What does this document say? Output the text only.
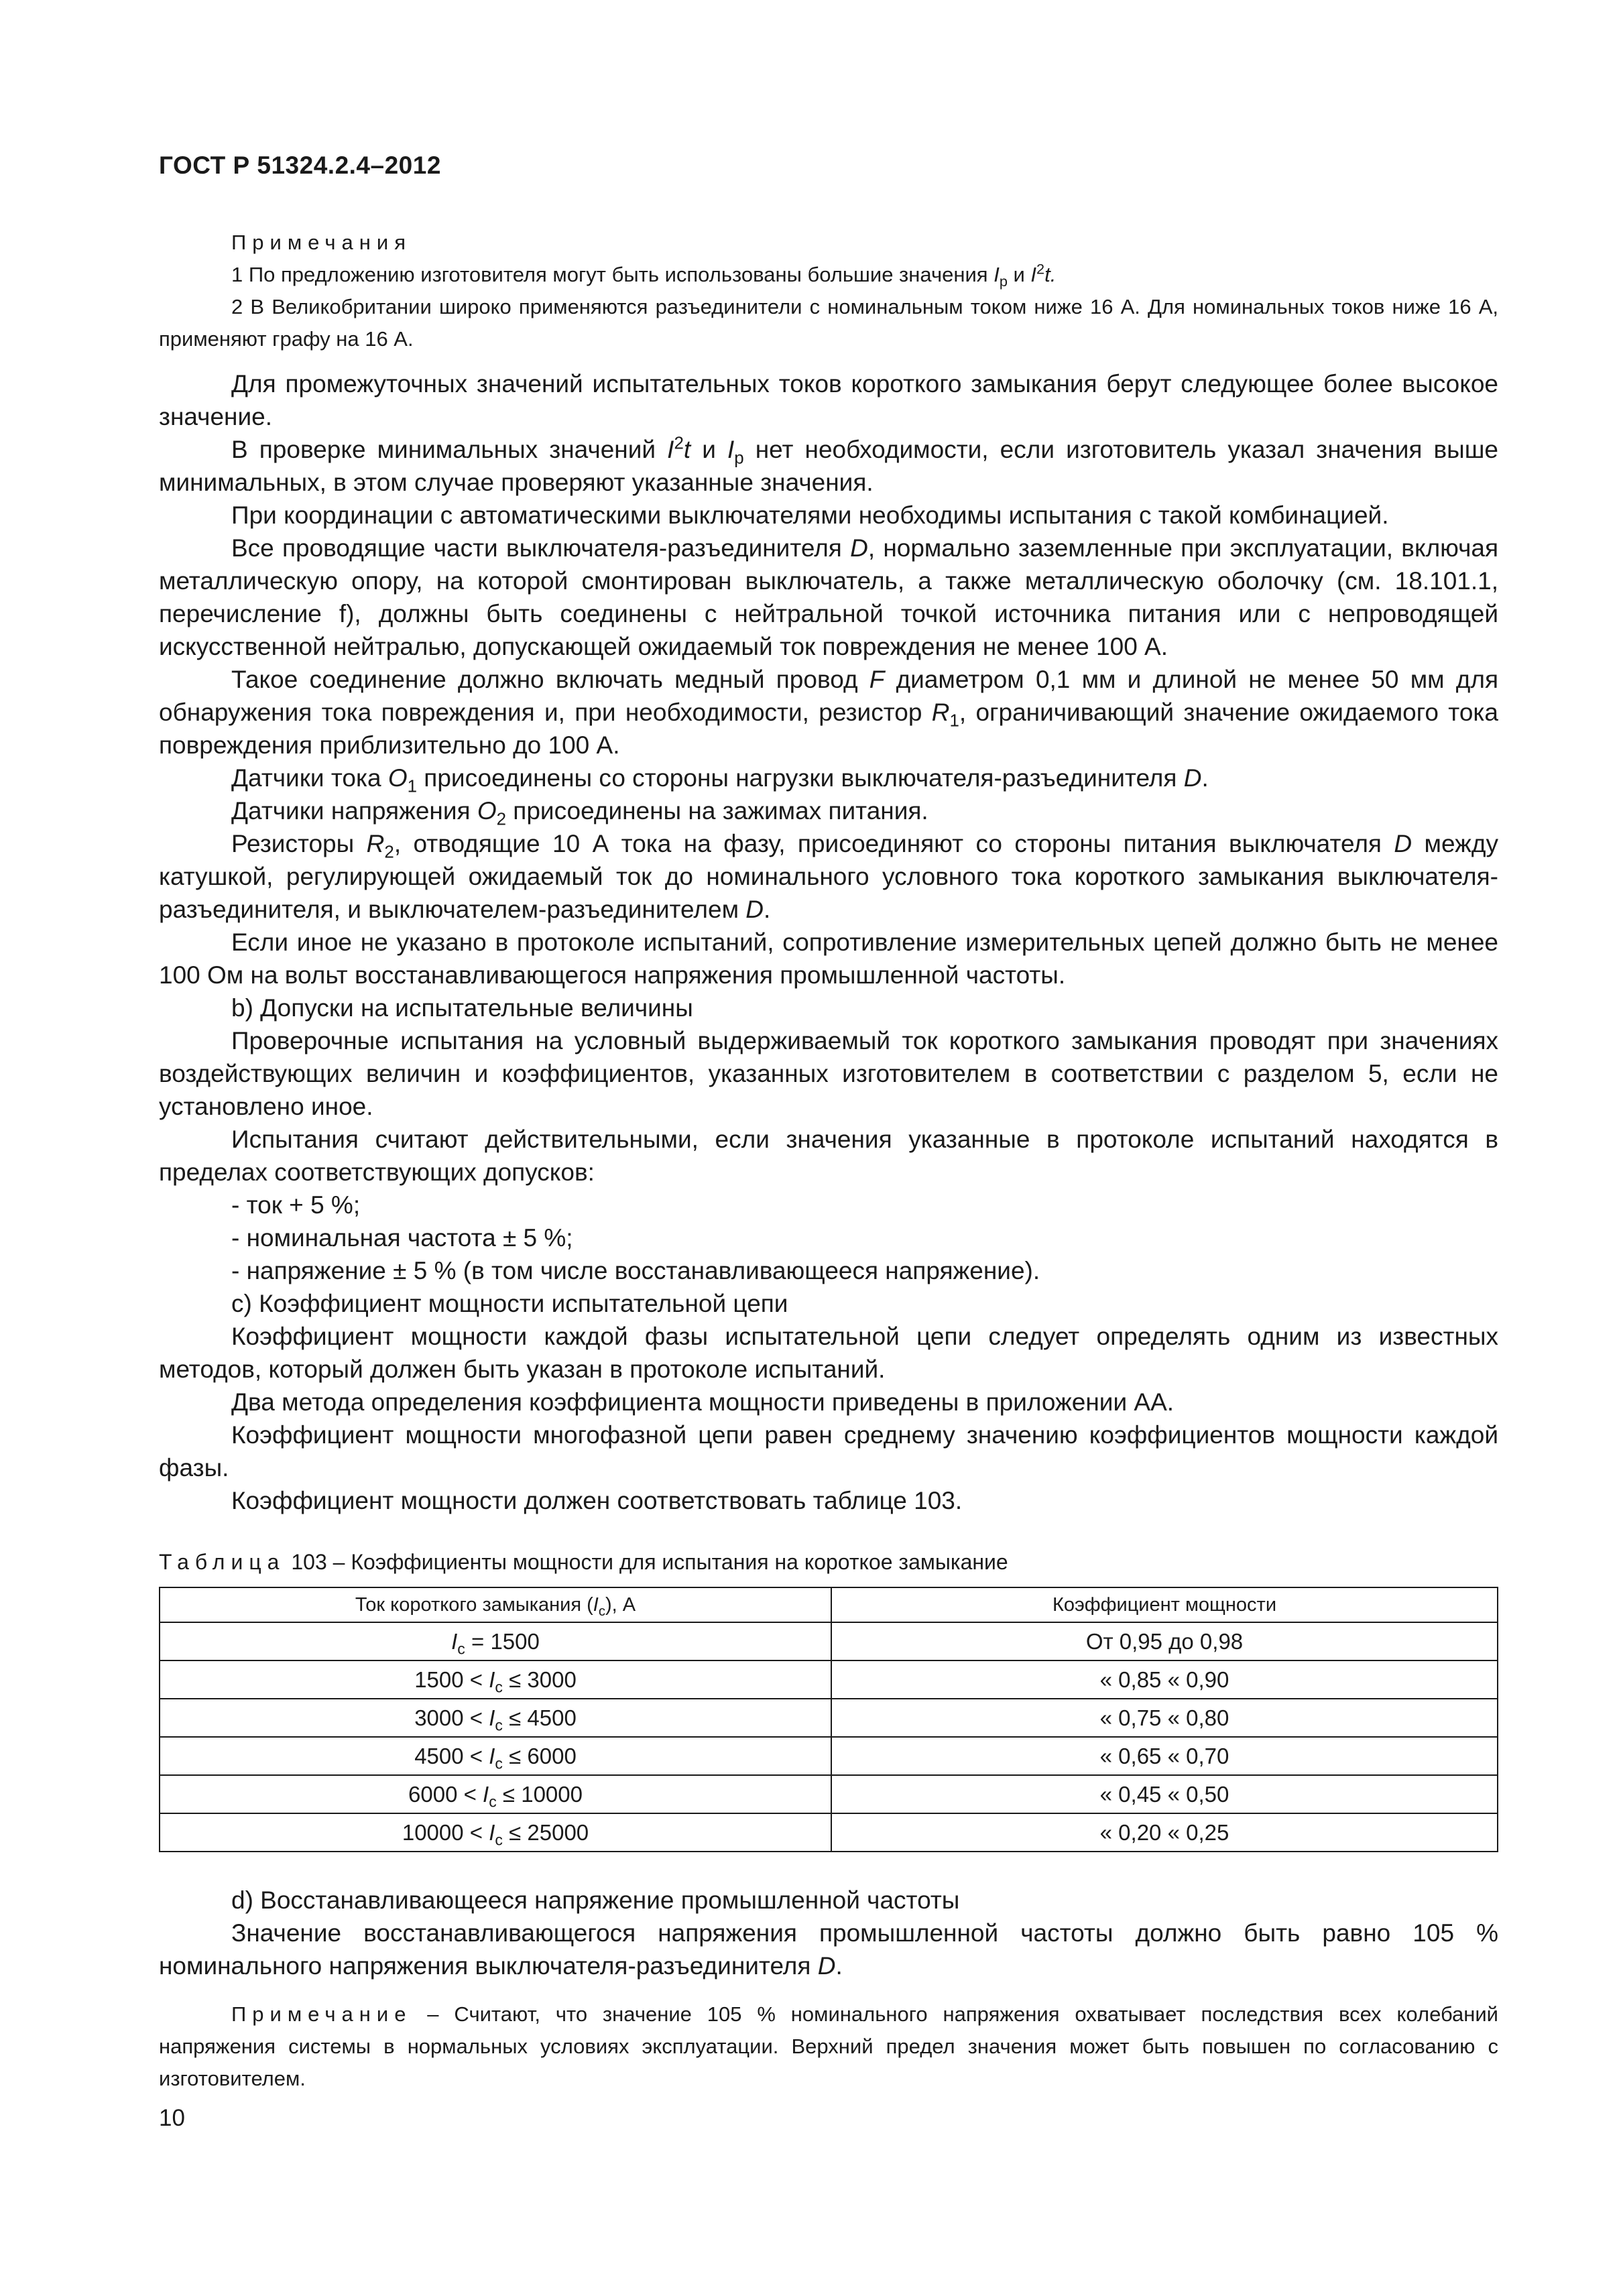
ГОСТ Р 51324.2.4–2012

Примечания

1 По предложению изготовителя могут быть использованы большие значения $I_p$ и $I^2t$.

2 В Великобритании широко применяются разъединители с номинальным током ниже 16 А. Для номинальных токов ниже 16 А, применяют графу на 16 А.

Для промежуточных значений испытательных токов короткого замыкания берут следующее более высокое значение.

В проверке минимальных значений $I^2t$ и $I_p$ нет необходимости, если изготовитель указал значения выше минимальных, в этом случае проверяют указанные значения.

При координации с автоматическими выключателями необходимы испытания с такой комбинацией.

Все проводящие части выключателя-разъединителя D, нормально заземленные при эксплуатации, включая металлическую опору, на которой смонтирован выключатель, а также металлическую оболочку (см. 18.101.1, перечисление f), должны быть соединены с нейтральной точкой источника питания или с непроводящей искусственной нейтралью, допускающей ожидаемый ток повреждения не менее 100 А.

Такое соединение должно включать медный провод F диаметром 0,1 мм и длиной не менее 50 мм для обнаружения тока повреждения и, при необходимости, резистор $R_1$, ограничивающий значение ожидаемого тока повреждения приблизительно до 100 А.

Датчики тока $O_1$ присоединены со стороны нагрузки выключателя-разъединителя D.

Датчики напряжения $O_2$ присоединены на зажимах питания.

Резисторы $R_2$, отводящие 10 А тока на фазу, присоединяют со стороны питания выключателя D между катушкой, регулирующей ожидаемый ток до номинального условного тока короткого замыкания выключателя-разъединителя, и выключателем-разъединителем D.

Если иное не указано в протоколе испытаний, сопротивление измерительных цепей должно быть не менее 100 Ом на вольт восстанавливающегося напряжения промышленной частоты.

b) Допуски на испытательные величины

Проверочные испытания на условный выдерживаемый ток короткого замыкания проводят при значениях воздействующих величин и коэффициентов, указанных изготовителем в соответствии с разделом 5, если не установлено иное.

Испытания считают действительными, если значения указанные в протоколе испытаний находятся в пределах соответствующих допусков:

- ток + 5 %;

- номинальная частота ± 5 %;

- напряжение ± 5 % (в том числе восстанавливающееся напряжение).

c) Коэффициент мощности испытательной цепи

Коэффициент мощности каждой фазы испытательной цепи следует определять одним из известных методов, который должен быть указан в протоколе испытаний.

Два метода определения коэффициента мощности приведены в приложении АА.

Коэффициент мощности многофазной цепи равен среднему значению коэффициентов мощности каждой фазы.

Коэффициент мощности должен соответствовать таблице 103.

Таблица 103 – Коэффициенты мощности для испытания на короткое замыкание
Ток короткого замыкания $(I_c)$, А	Коэффициент мощности
$I_c = 1500$	От 0,95 до 0,98
$1500 < I_c \le 3000$	« 0,85 « 0,90
$3000 < I_c \le 4500$	« 0,75 « 0,80
$4500 < I_c \le 6000$	« 0,65 « 0,70
$6000 < I_c \le 10000$	« 0,45 « 0,50
$10000 < I_c \le 25000$	« 0,20 « 0,25

d) Восстанавливающееся напряжение промышленной частоты

Значение восстанавливающегося напряжения промышленной частоты должно быть равно 105 % номинального напряжения выключателя-разъединителя D.

Примечание – Считают, что значение 105 % номинального напряжения охватывает последствия всех колебаний напряжения системы в нормальных условиях эксплуатации. Верхний предел значения может быть повышен по согласованию с изготовителем.

10
